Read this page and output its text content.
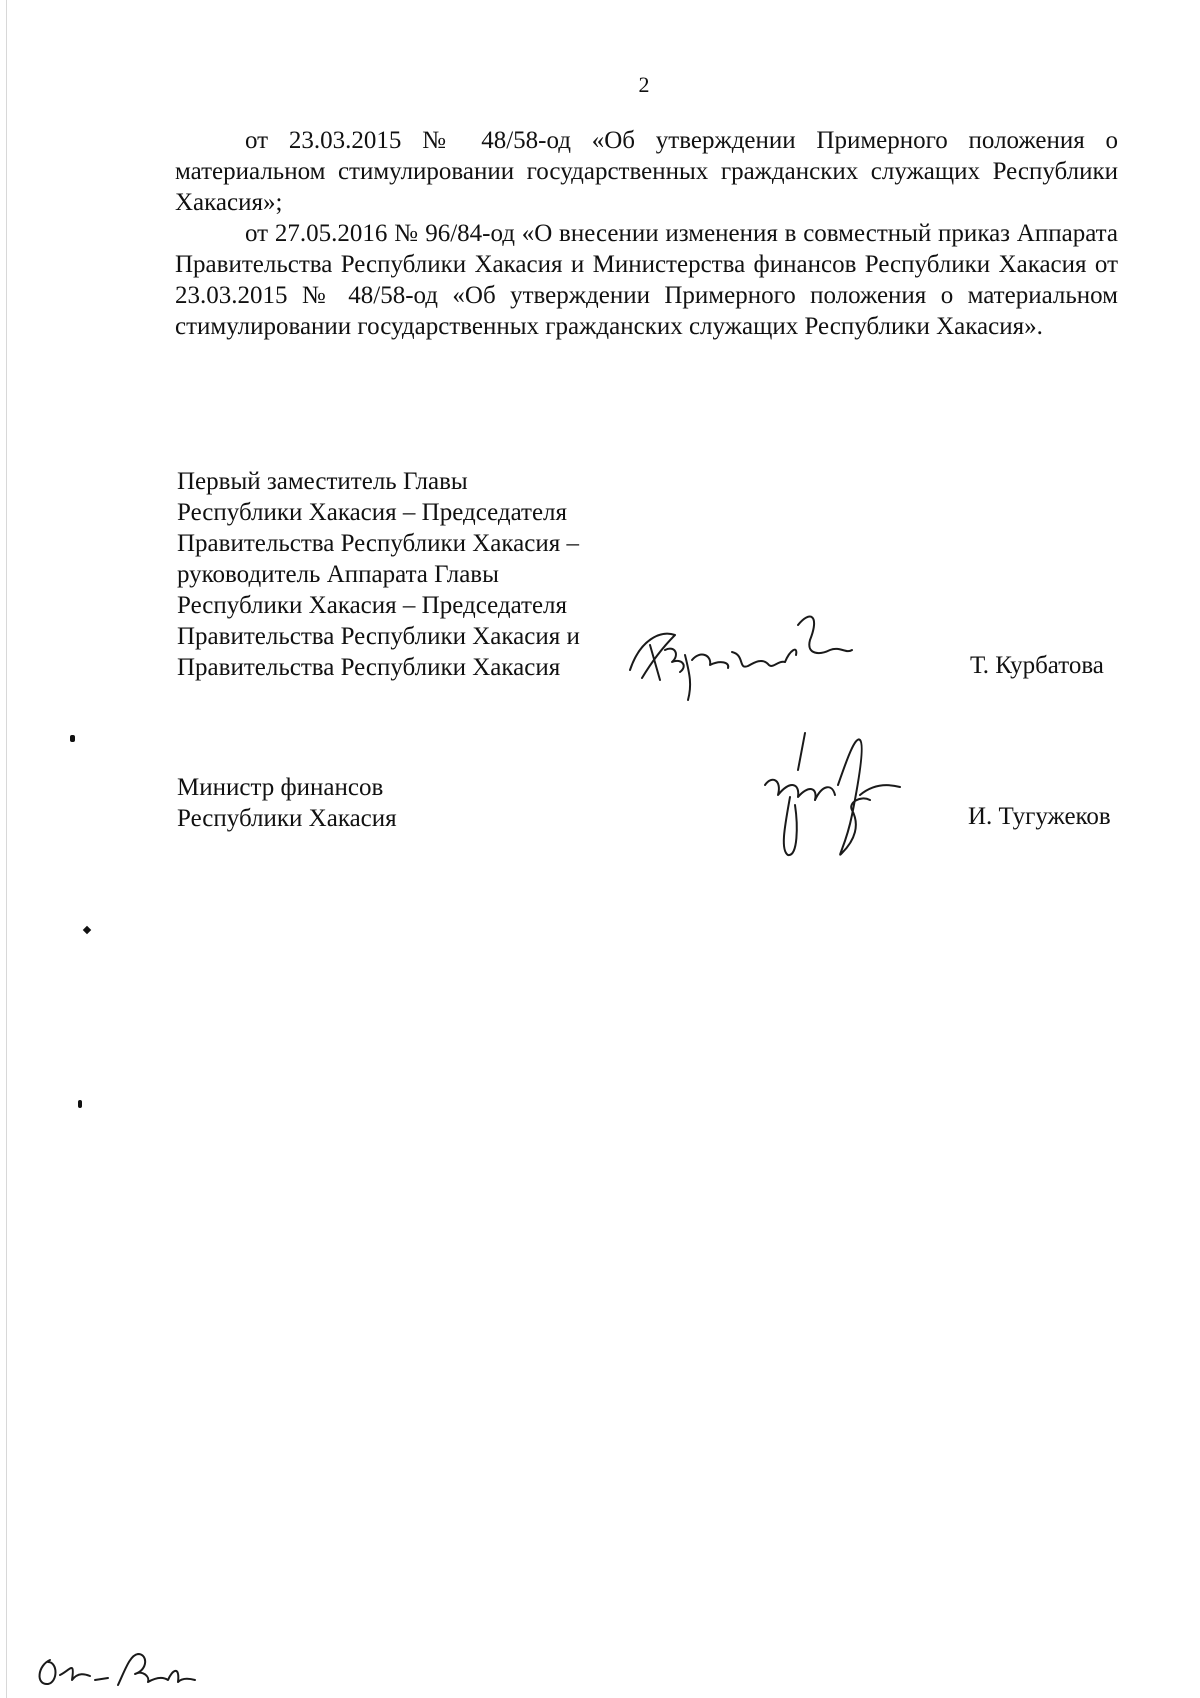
2

от 23.03.2015 № 48/58-од «Об утверждении Примерного положения о материальном стимулировании государственных гражданских служащих Республики Хакасия»;

от 27.05.2016 № 96/84-од «О внесении изменения в совместный приказ Аппарата Правительства Республики Хакасия и Министерства финансов Республики Хакасия от 23.03.2015 № 48/58-од «Об утверждении Примерного положения о материальном стимулировании государственных гражданских служащих Республики Хакасия».

Первый заместитель Главы
Республики Хакасия – Председателя
Правительства Республики Хакасия –
руководитель Аппарата Главы
Республики Хакасия – Председателя
Правительства Республики Хакасия и
Правительства Республики Хакасия	Т. Курбатова
Министр финансов
Республики Хакасия	И. Тугужеков
